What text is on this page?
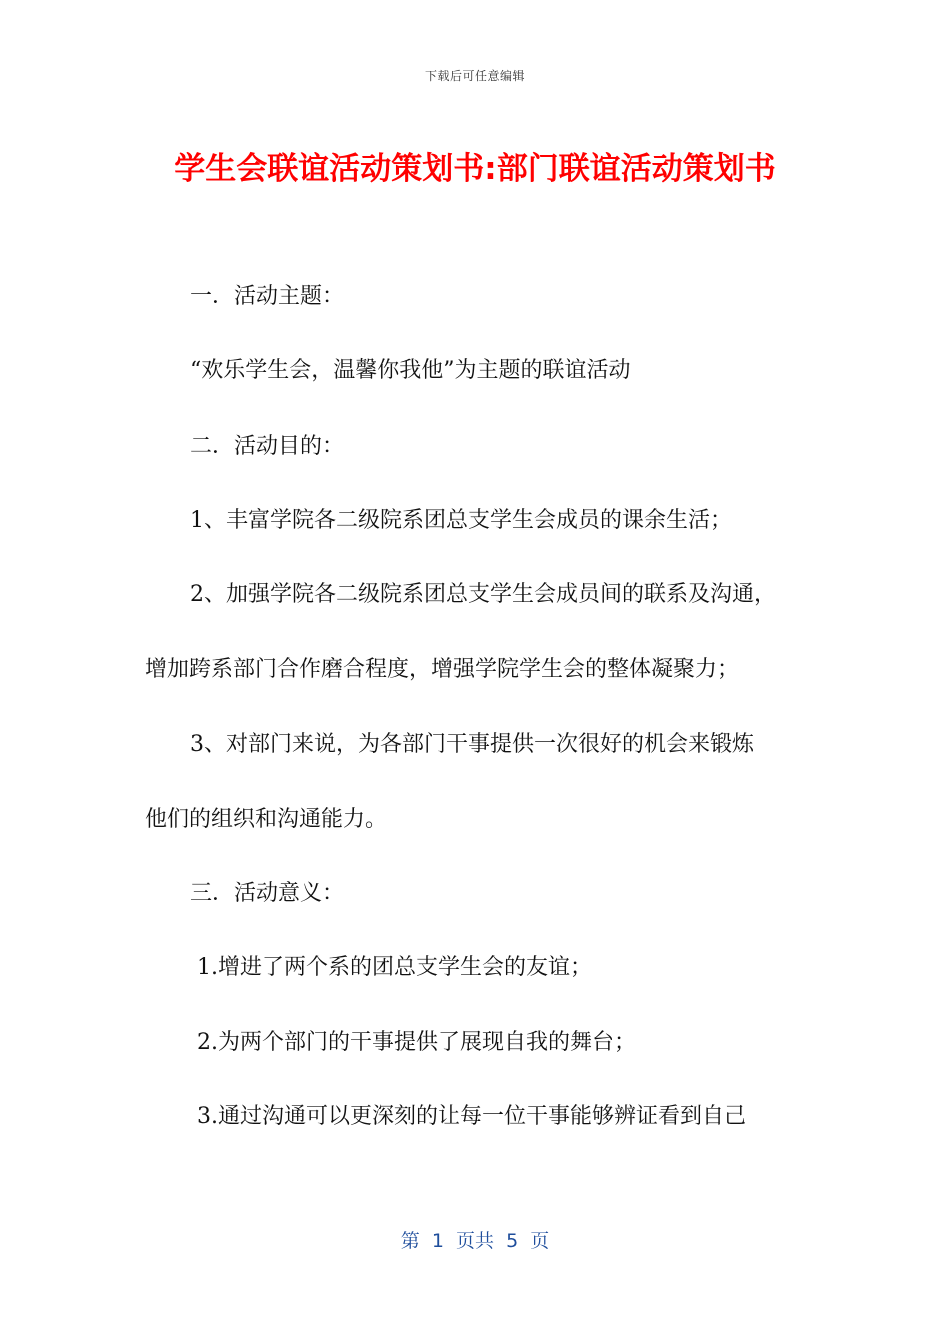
下载后可任意编辑
学生会联谊活动策划书:部门联谊活动策划书
一．活动主题：
“欢乐学生会，温馨你我他”为主题的联谊活动
二．活动目的：
1、丰富学院各二级院系团总支学生会成员的课余生活；
2、加强学院各二级院系团总支学生会成员间的联系及沟通，
增加跨系部门合作磨合程度，增强学院学生会的整体凝聚力；
3、对部门来说，为各部门干事提供一次很好的机会来锻炼
他们的组织和沟通能力。
三．活动意义：
1.增进了两个系的团总支学生会的友谊；
2.为两个部门的干事提供了展现自我的舞台；
3.通过沟通可以更深刻的让每一位干事能够辨证看到自己
第  1  页共  5  页
